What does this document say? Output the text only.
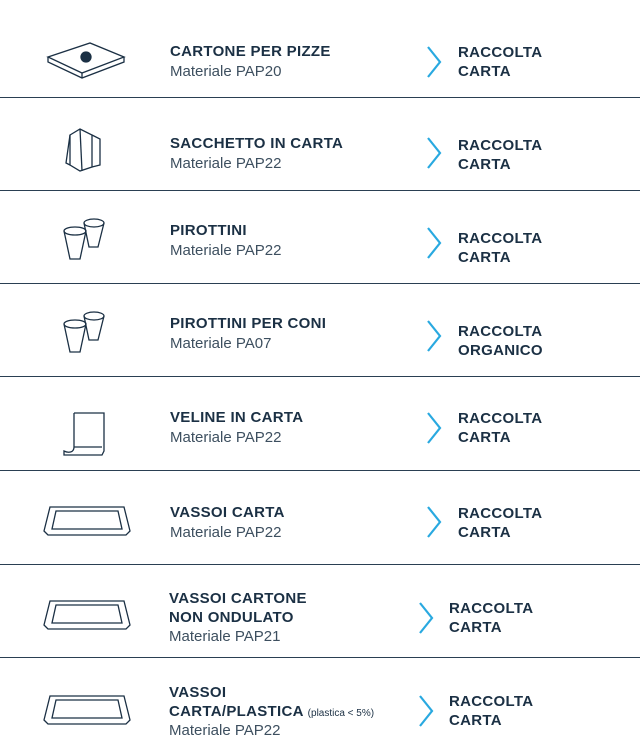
CARTONE PER PIZZE
Materiale PAP20
RACCOLTA
CARTA
SACCHETTO IN CARTA
Materiale PAP22
RACCOLTA
CARTA
PIROTTINI
Materiale PAP22
RACCOLTA
CARTA
PIROTTINI PER CONI
Materiale PA07
RACCOLTA
ORGANICO
VELINE IN CARTA
Materiale PAP22
RACCOLTA
CARTA
VASSOI CARTA
Materiale PAP22
RACCOLTA
CARTA
VASSOI CARTONE
NON ONDULATO
Materiale PAP21
RACCOLTA
CARTA
VASSOI
CARTA/PLASTICA (plastica < 5%)
Materiale PAP22
RACCOLTA
CARTA
